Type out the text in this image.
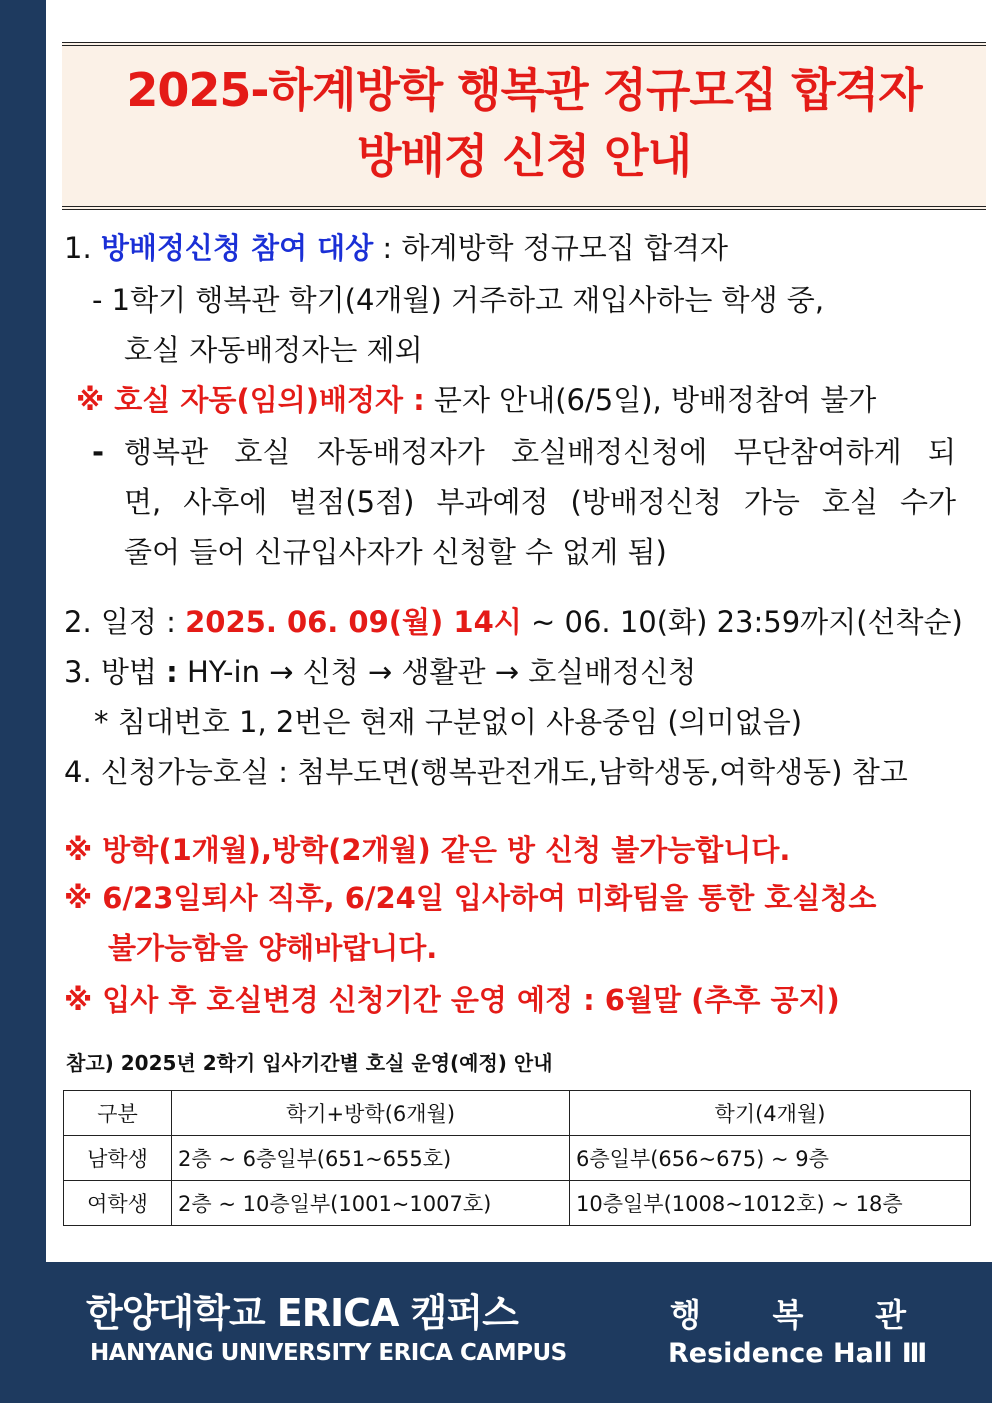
2025-하계방학 행복관 정규모집 합격자
방배정 신청 안내
1. 방배정신청 참여 대상 : 하계방학 정규모집 합격자
- 1학기 행복관 학기(4개월) 거주하고 재입사하는 학생 중,
호실 자동배정자는 제외
※ 호실 자동(임의)배정자 : 문자 안내(6/5일), 방배정참여 불가
- 행복관 호실 자동배정자가 호실배정신청에 무단참여하게 되
면, 사후에 벌점(5점) 부과예정 (방배정신청 가능 호실 수가
줄어 들어 신규입사자가 신청할 수 없게 됨)
2. 일정 : 2025. 06. 09(월) 14시 ~ 06. 10(화) 23:59까지(선착순)
3. 방법 : HY-in → 신청 → 생활관 → 호실배정신청
* 침대번호 1, 2번은 현재 구분없이 사용중임 (의미없음)
4. 신청가능호실 : 첨부도면(행복관전개도,남학생동,여학생동) 참고
※ 방학(1개월),방학(2개월) 같은 방 신청 불가능합니다.
※ 6/23일퇴사 직후, 6/24일 입사하여 미화팀을 통한 호실청소
불가능함을 양해바랍니다.
※ 입사 후 호실변경 신청기간 운영 예정 : 6월말 (추후 공지)
참고) 2025년 2학기 입사기간별 호실 운영(예정) 안내
구분	학기+방학(6개월)	학기(4개월)
남학생	2층 ~ 6층일부(651~655호)	6층일부(656~675) ~ 9층
여학생	2층 ~ 10층일부(1001~1007호)	10층일부(1008~1012호) ~ 18층
한양대학교 ERICA 캠퍼스
HANYANG UNIVERSITY ERICA CAMPUS
행 복 관
Residence Hall Ⅲ
